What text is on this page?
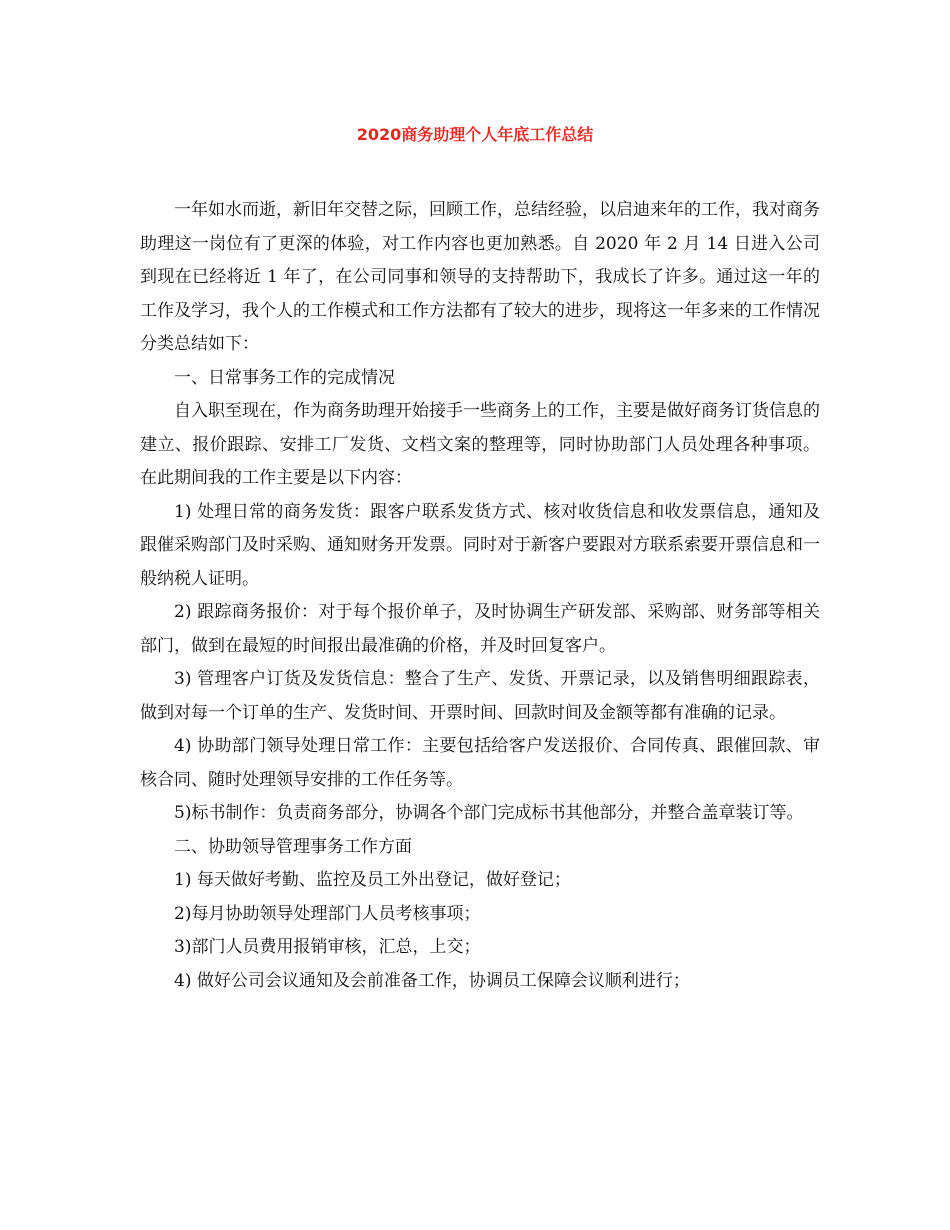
2020商务助理个人年底工作总结

一年如水而逝，新旧年交替之际，回顾工作，总结经验，以启迪来年的工作，我对商务助理这一岗位有了更深的体验，对工作内容也更加熟悉。自 2020 年 2 月 14 日进入公司到现在已经将近 1 年了，在公司同事和领导的支持帮助下，我成长了许多。通过这一年的工作及学习，我个人的工作模式和工作方法都有了较大的进步，现将这一年多来的工作情况分类总结如下：

一、日常事务工作的完成情况

自入职至现在，作为商务助理开始接手一些商务上的工作，主要是做好商务订货信息的建立、报价跟踪、安排工厂发货、文档文案的整理等，同时协助部门人员处理各种事项。 在此期间我的工作主要是以下内容：

1) 处理日常的商务发货：跟客户联系发货方式、核对收货信息和收发票信息，通知及跟催采购部门及时采购、通知财务开发票。同时对于新客户要跟对方联系索要开票信息和一般纳税人证明。

2) 跟踪商务报价：对于每个报价单子，及时协调生产研发部、采购部、财务部等相关部门，做到在最短的时间报出最准确的价格，并及时回复客户。

3) 管理客户订货及发货信息：整合了生产、发货、开票记录，以及销售明细跟踪表，做到对每一个订单的生产、发货时间、开票时间、回款时间及金额等都有准确的记录。

4) 协助部门领导处理日常工作：主要包括给客户发送报价、合同传真、跟催回款、审核合同、随时处理领导安排的工作任务等。

5)标书制作：负责商务部分，协调各个部门完成标书其他部分，并整合盖章装订等。

二、协助领导管理事务工作方面

1) 每天做好考勤、监控及员工外出登记，做好登记；

2)每月协助领导处理部门人员考核事项；

3)部门人员费用报销审核，汇总，上交；

4) 做好公司会议通知及会前准备工作，协调员工保障会议顺利进行；
